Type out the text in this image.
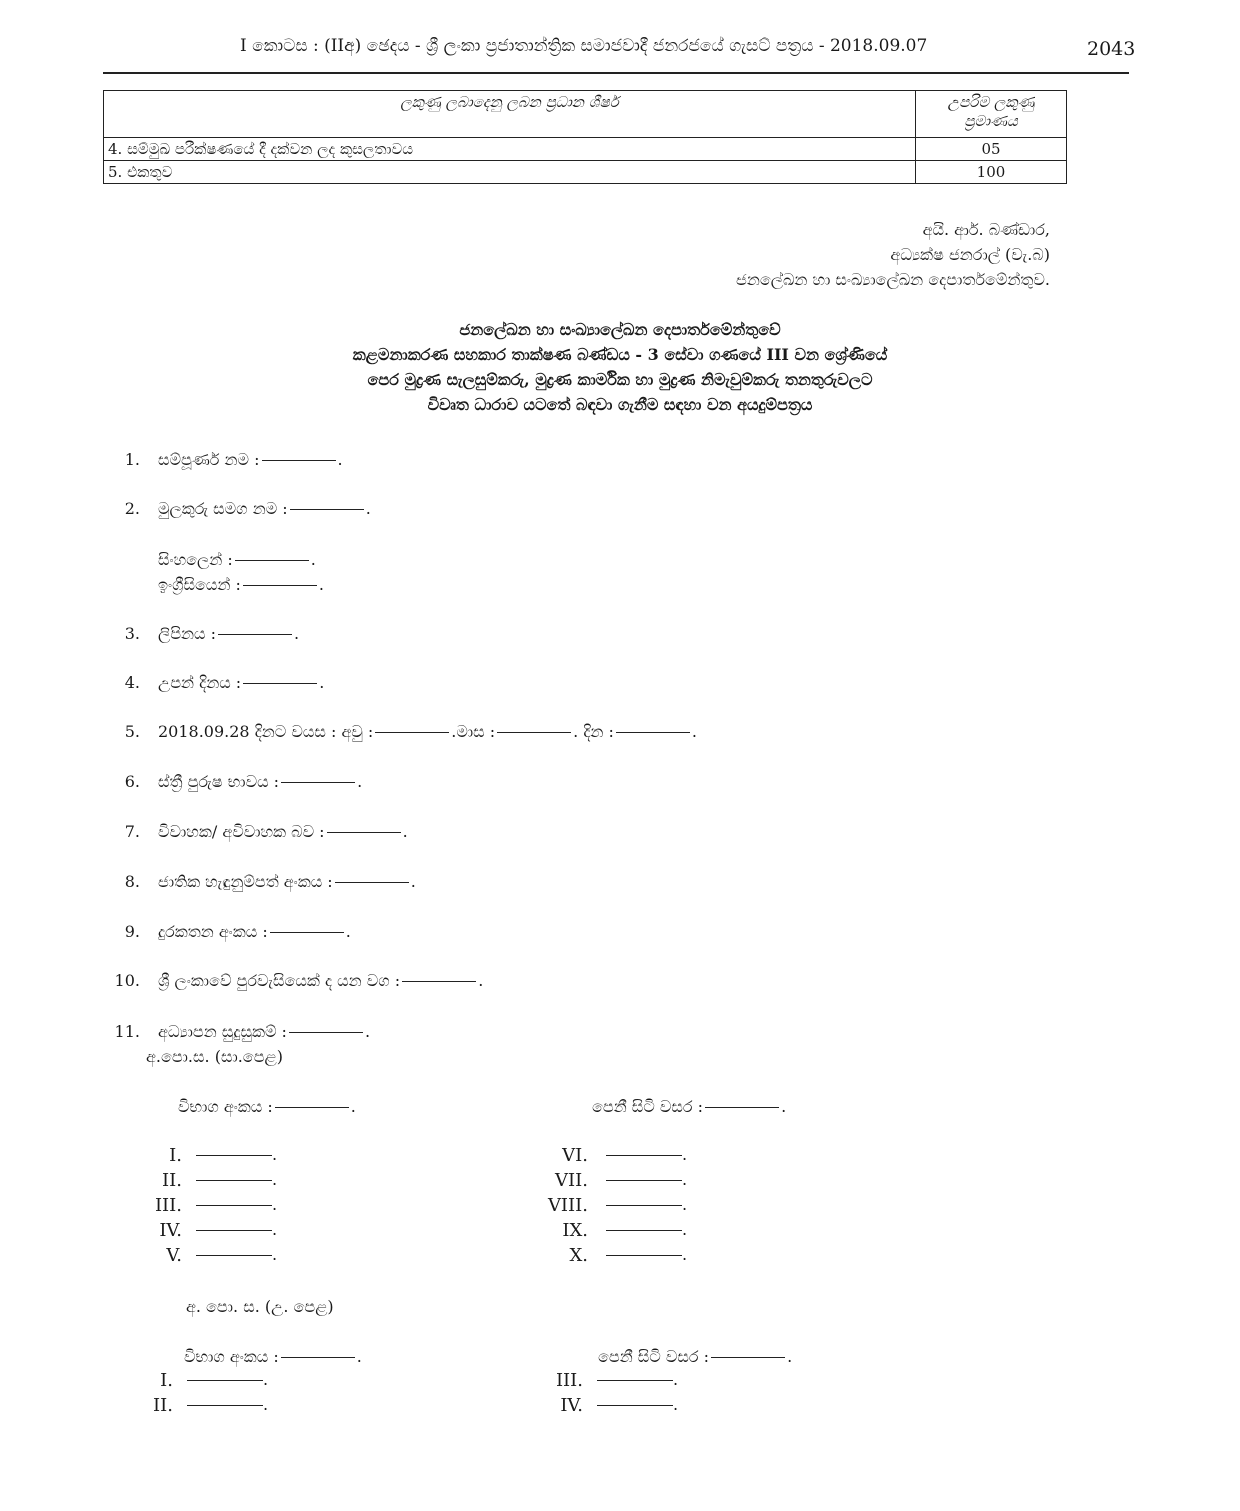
I කොටස : (IIඅ) ඡෙදය - ශ්‍රී ලංකා ප්‍රජාතාන්ත්‍රික සමාජවාදී ජනරජයේ ගැසට් පත්‍රය - 2018.09.07	2043
ලකුණු ලබාදෙනු ලබන ප්‍රධාන ශීර්ෂ	උපරිම ලකුණු
ප්‍රමාණය

4. සම්මුඛ පරීක්ෂණයේ දී දක්වන ලද කුසලතාවය	05
5. එකතුව	100
අයි. ආර්. බණ්ඩාර,
අධ්‍යක්ෂ ජනරාල් (වැ.බ)
ජනලේඛන හා සංඛ්‍යාලේඛන දෙපාර්තමේන්තුව.
ජනලේඛන හා සංඛ්‍යාලේඛන දෙපාර්තමේන්තුවේ
කළමනාකරණ සහකාර තාක්ෂණ බණ්ඩය - 3 සේවා ගණයේ III වන ශ්‍රේණියේ
පෙර මුද්‍රණ සැලසුම්කරු, මුද්‍රණ කාර්මික හා මුද්‍රණ නිමැවුම්කරු තනතුරුවලට
විවෘත ධාරාව යටතේ බඳවා ගැනීම සඳහා වන අයදුම්පත්‍රය
1. සම්පූර්ණ නම :	.
2. මුලකුරු සමග නම :	.
සිංහලෙන් :	.
ඉංග්‍රීසියෙන් :	.
3. ලිපිනය :	.
4. උපන් දිනය :	.
5. 2018.09.28 දිනට වයස : අවු :	.මාස :	. දින :	.
6. ස්ත්‍රී පුරුෂ භාවය :	.
7. විවාහක/ අවිවාහක බව :	.
8. ජාතික හැඳුනුම්පත් අංකය :	.
9. දුරකතන අංකය :	.
10. ශ්‍රී ලංකාවේ පුරවැසියෙක් ද යන වග :	.
11. අධ්‍යාපන සුදුසුකම් :	.
අ.පො.ස. (සා.පෙළ)
විභාග අංකය :	.	පෙනී සිටි වසර :	.
I.	.
II.	.
III.	.
IV.	.
V.	.
VI.	.
VII.	.
VIII.	.
IX.	.
X.	.
අ. පො. ස. (උ. පෙළ)
විභාග අංකය :	.	පෙනී සිටි වසර :	.
I.	.
II.	.
III.	.
IV.	.
